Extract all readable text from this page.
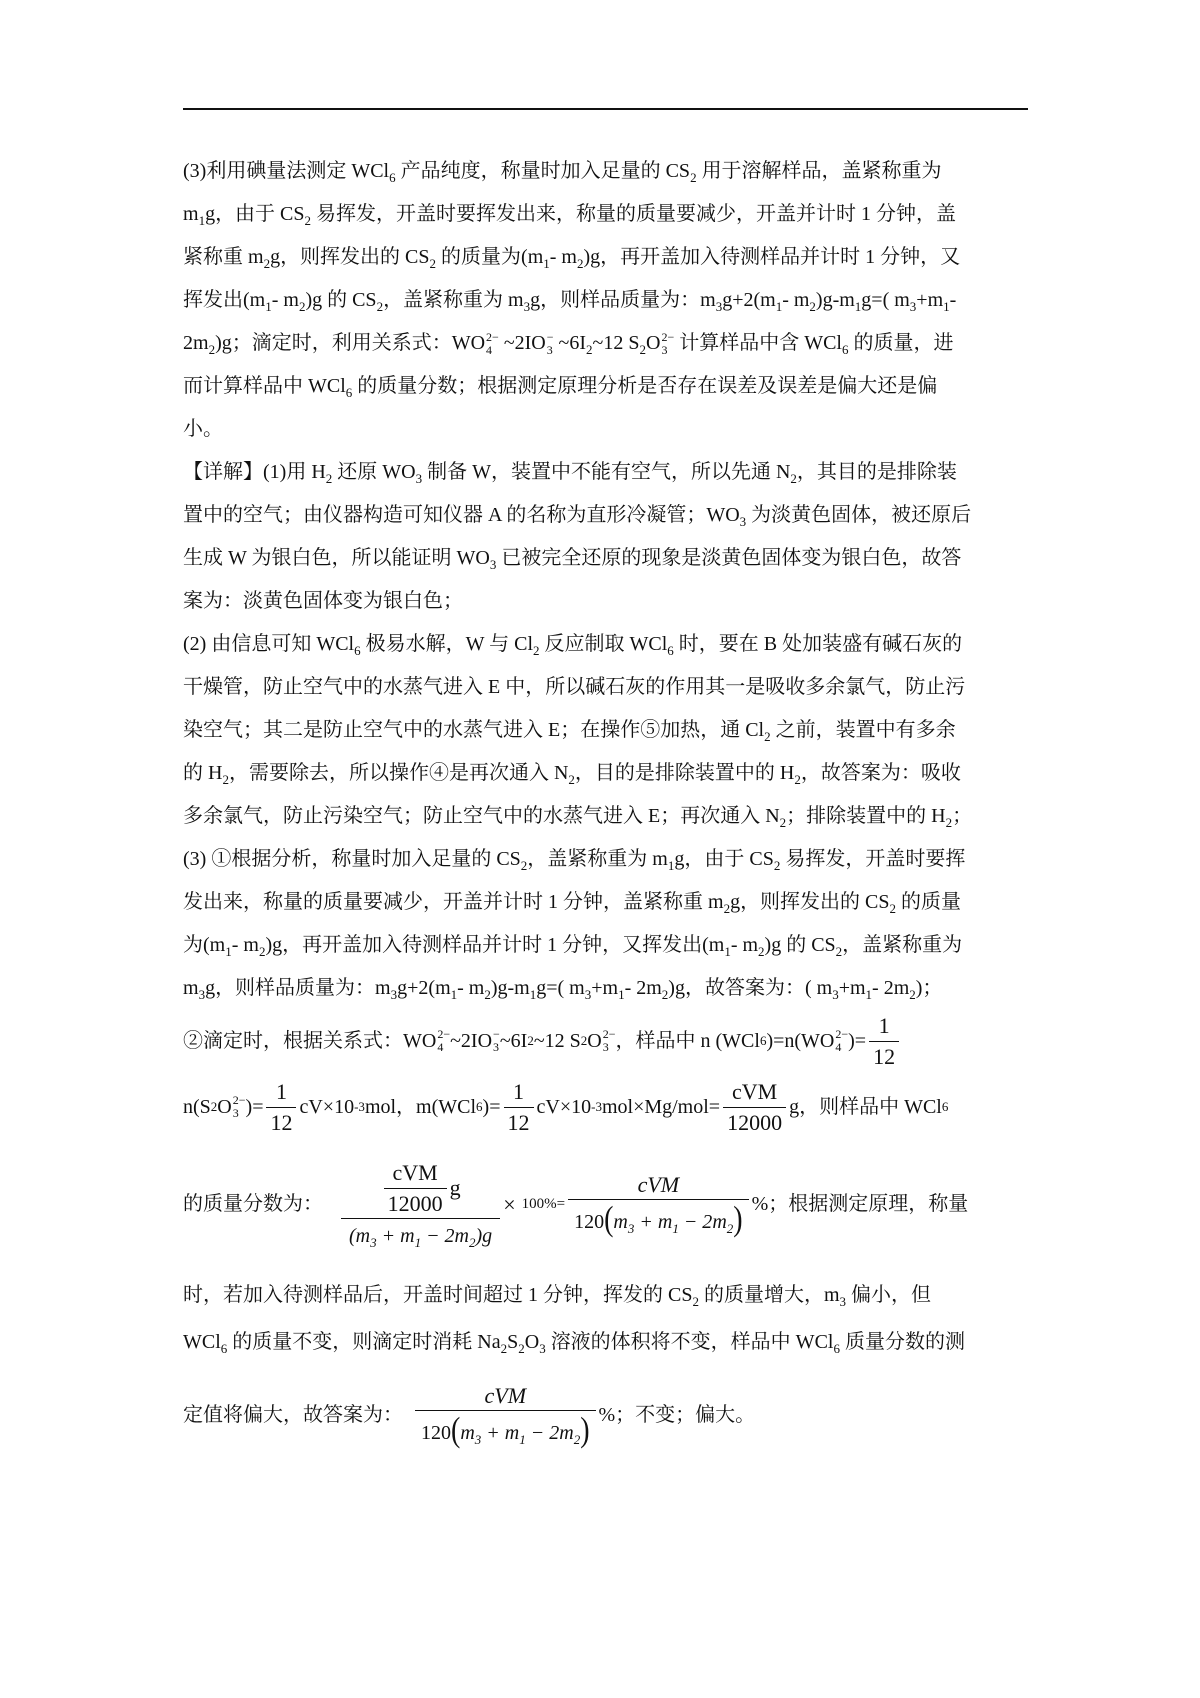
(3)利用碘量法测定 WCl$_6$ 产品纯度，称量时加入足量的 $CS_2$ 用于溶解样品，盖紧称重为
$m_1g$，由于 $CS_2$ 易挥发，开盖时要挥发出来，称量的质量要减少，开盖并计时 1 分钟，盖
紧称重 $m_2g$，则挥发出的 $CS_2$ 的质量为($m_1-$ $m_2)g$，再开盖加入待测样品并计时 1 分钟，又
挥发出($m_1-$ $m_2)g$ 的 $CS_2$，盖紧称重为 $m_3g$，则样品质量为：$m_3g+2(m_1-$ $m_2)g-m_1g=$( $m_3+m_1-$
$2m_2)g$；滴定时，利用关系式：WO 2−
4 ~2IO −
3 $\sim 6I_2\sim 12$ $S_2O$ 2−
3 计算样品中含 WCl$_6$ 的质量，进
而计算样品中 WCl$_6$ 的质量分数；根据测定原理分析是否存在误差及误差是偏大还是偏
小。
【详解】(1)用 $H_2$ 还原 $WO_3$ 制备 W，装置中不能有空气，所以先通 $N_2$，其目的是排除装
置中的空气；由仪器构造可知仪器 A 的名称为直形冷凝管；$WO_3$ 为淡黄色固体，被还原后
生成 W 为银白色，所以能证明 $WO_3$ 已被完全还原的现象是淡黄色固体变为银白色，故答
案为：淡黄色固体变为银白色；
(2) 由信息可知 WCl$_6$ 极易水解，W 与 $Cl_2$ 反应制取 WCl$_6$ 时，要在 B 处加装盛有碱石灰的
干燥管，防止空气中的水蒸气进入 E 中，所以碱石灰的作用其一是吸收多余氯气，防止污
染空气；其二是防止空气中的水蒸气进入 E；在操作⑤加热，通 $Cl_2$ 之前，装置中有多余
的 $H_2$，需要除去，所以操作④是再次通入 $N_2$，目的是排除装置中的 $H_2$，故答案为：吸收
多余氯气，防止污染空气；防止空气中的水蒸气进入 E；再次通入 $N_2$；排除装置中的 $H_2$；
(3) ①根据分析，称量时加入足量的 $CS_2$，盖紧称重为 $m_1g$，由于 $CS_2$ 易挥发，开盖时要挥
发出来，称量的质量要减少，开盖并计时 1 分钟，盖紧称重 $m_2g$，则挥发出的 $CS_2$ 的质量
为($m_1-$ $m_2)g$，再开盖加入待测样品并计时 1 分钟，又挥发出($m_1-$ $m_2)g$ 的 $CS_2$，盖紧称重为
$m_3g$，则样品质量为：$m_3g+2(m_1-$ $m_2)g-m_1g=$( $m_3+m_1-$ $2m_2)g$，故答案为：( $m_3+m_1-$ $2m_2$)；
②滴定时，根据关系式：WO 2−
4 ~2IO −
3 ~6I 2 ~12 S 2 O 2−
3 ，样品中 n (WCl 6 )=n(WO 2−
4 )= $\frac{1}{12}$
n(S 2 O 2−
3 )= $\frac{1}{12} cV\times 10$ -3 mol，m(WCl 6 )= $\frac{1}{12} cV\times 10$ -3 $mol\times Mg/mol= \frac{\text{cVM}}{12000}$ g，则样品中 WCl 6
的质量分数为： $\frac{\frac{\text{cVM}}{12000} g}{(m_3 + m_1 - 2m_2)g} \times 100\%= \frac{\text{cVM}}{120(m_3 + m_1 - 2m_2)}$ %；根据测定原理，称量
时，若加入待测样品后，开盖时间超过 1 分钟，挥发的 $CS_2$ 的质量增大，$m_3$ 偏小，但
WCl$_6$ 的质量不变，则滴定时消耗 $Na_2S_2O_3$ 溶液的体积将不变，样品中 WCl$_6$ 质量分数的测
定值将偏大，故答案为： $\frac{\text{cVM}}{120(m_3 + m_1 - 2m_2)}$ %；不变；偏大。
